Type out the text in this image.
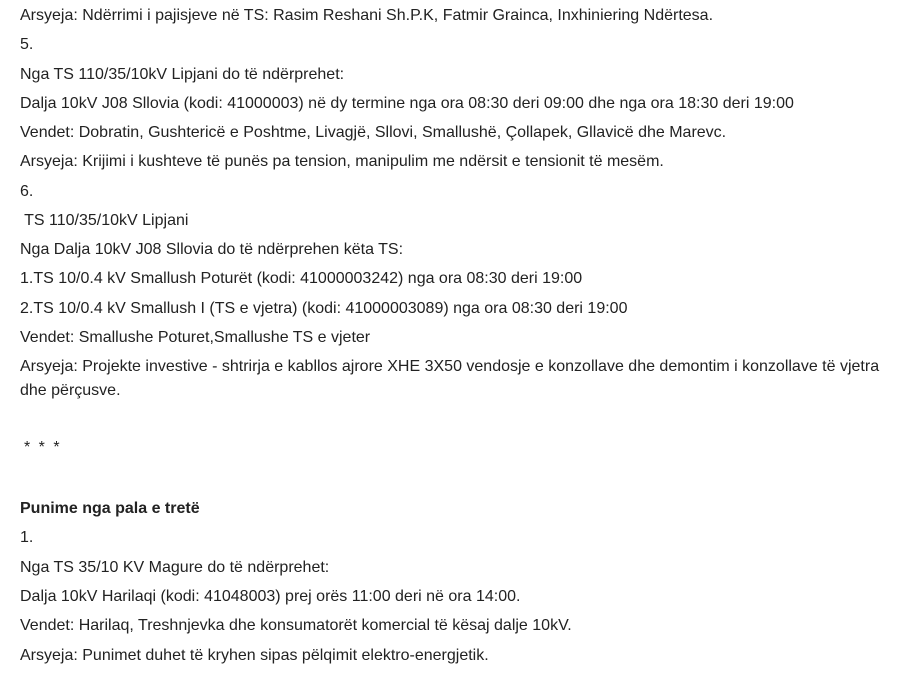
Arsyeja: Ndërrimi i pajisjeve në TS: Rasim Reshani Sh.P.K, Fatmir Grainca, Inxhiniering Ndërtesa.
5.
Nga TS 110/35/10kV Lipjani do të ndërprehet:
Dalja 10kV J08 Sllovia (kodi: 41000003) në dy termine nga ora 08:30 deri 09:00 dhe nga ora 18:30 deri 19:00
Vendet: Dobratin, Gushtericë e Poshtme, Livagjë, Sllovi, Smallushë, Çollapek, Gllavicë dhe Marevc.
Arsyeja: Krijimi i kushteve të punës pa tension, manipulim me ndërsit e tensionit të mesëm.
6.
TS 110/35/10kV Lipjani
Nga Dalja 10kV J08 Sllovia do të ndërprehen këta TS:
1.TS 10/0.4 kV Smallush Poturët (kodi: 41000003242) nga ora 08:30 deri 19:00
2.TS 10/0.4 kV Smallush I (TS e vjetra) (kodi: 41000003089) nga ora 08:30 deri 19:00
Vendet: Smallushe Poturet,Smallushe TS e vjeter
Arsyeja: Projekte investive - shtrirja e kabllos ajrore XHE 3X50 vendosje e konzollave dhe demontim i konzollave të vjetra dhe përçusve.
* * *
Punime nga pala e tretë
1.
Nga TS 35/10 KV Magure do të ndërprehet:
Dalja 10kV Harilaqi (kodi: 41048003) prej orës 11:00 deri në ora 14:00.
Vendet: Harilaq, Treshnjevka dhe konsumatorët komercial të kësaj dalje 10kV.
Arsyeja: Punimet duhet të kryhen sipas pëlqimit elektro-energjetik.
